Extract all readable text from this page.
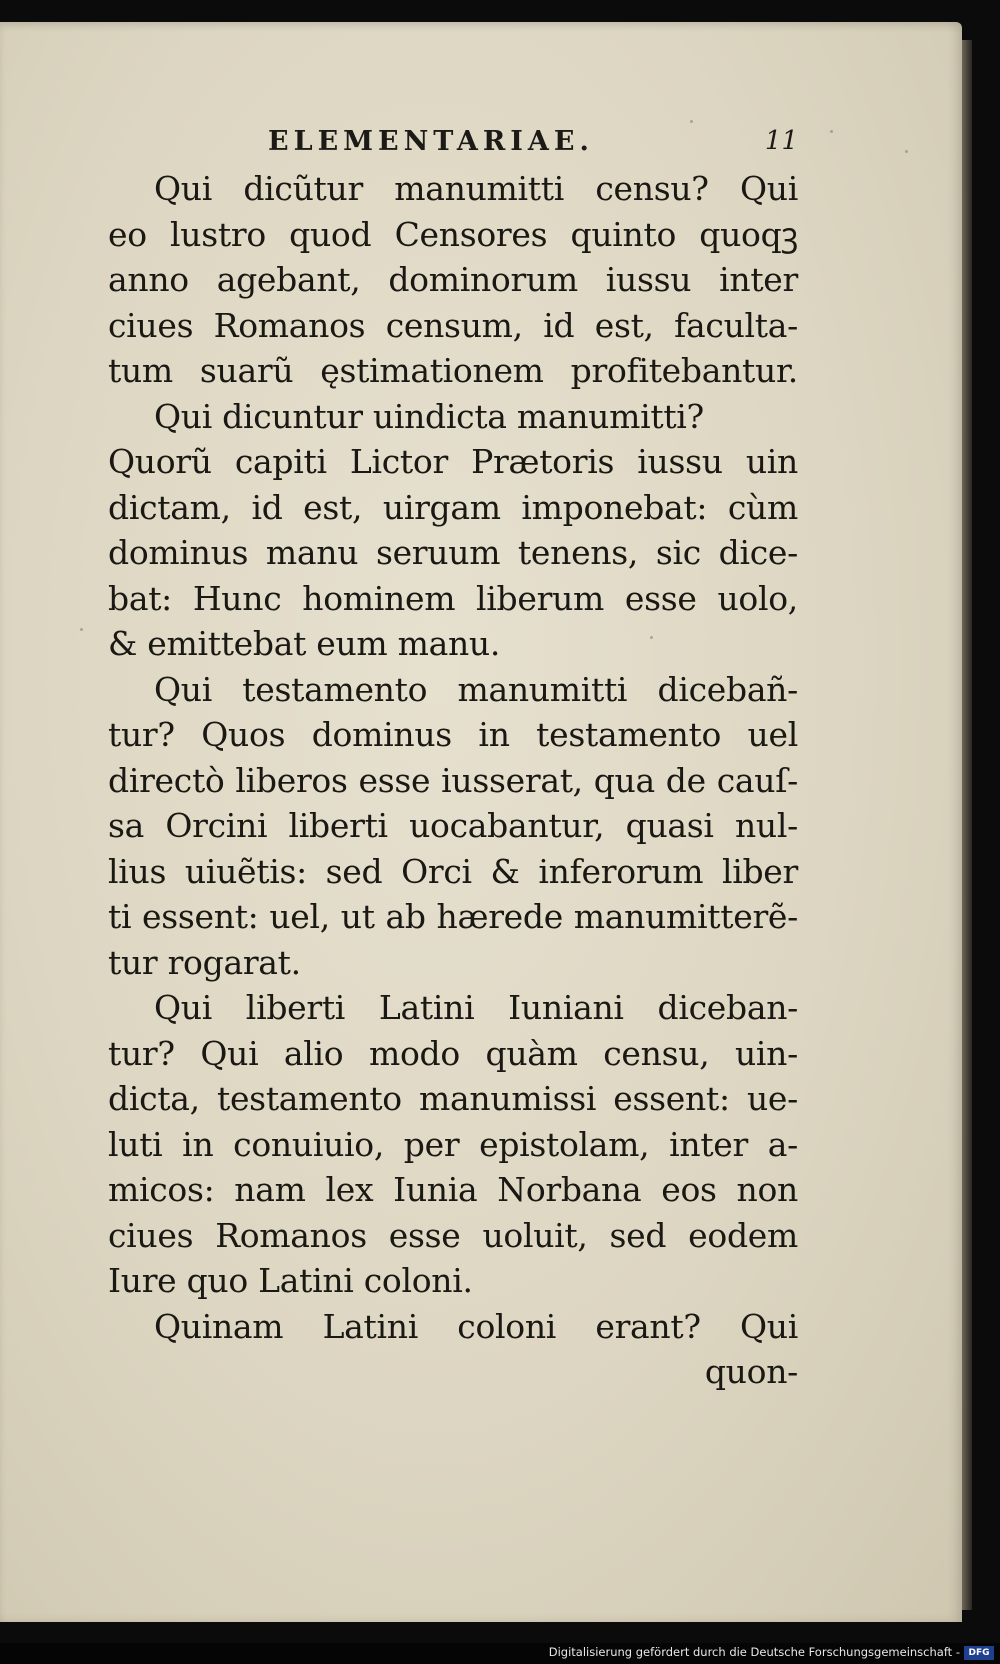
ELEMENTARIAE.	11
Qui dicũtur manumitti censu? Qui
eo lustro quod Censores quinto quoqꝫ
anno agebant, dominorum iussu inter
ciues Romanos censum, id est, faculta-
tum suarũ ęstimationem profitebantur.
Qui dicuntur uindicta manumitti?
Quorũ capiti Lictor Prætoris iussu uin
dictam, id est, uirgam imponebat: cùm
dominus manu seruum tenens, sic dice-
bat: Hunc hominem liberum esse uolo,
& emittebat eum manu.
Qui testamento manumitti dicebañ-
tur? Quos dominus in testamento uel
directò liberos esse iusserat, qua de cauſ-
sa Orcini liberti uocabantur, quasi nul-
lius uiuẽtis: sed Orci & inferorum liber
ti essent: uel, ut ab hærede manumitterẽ-
tur rogarat.
Qui liberti Latini Iuniani diceban-
tur? Qui alio modo quàm censu, uin-
dicta, testamento manumissi essent: ue-
luti in conuiuio, per epistolam, inter a-
micos: nam lex Iunia Norbana eos non
ciues Romanos esse uoluit, sed eodem
Iure quo Latini coloni.
Quinam Latini coloni erant? Qui
quon-
Digitalisierung gefördert durch die Deutsche Forschungsgemeinschaft - DFG
